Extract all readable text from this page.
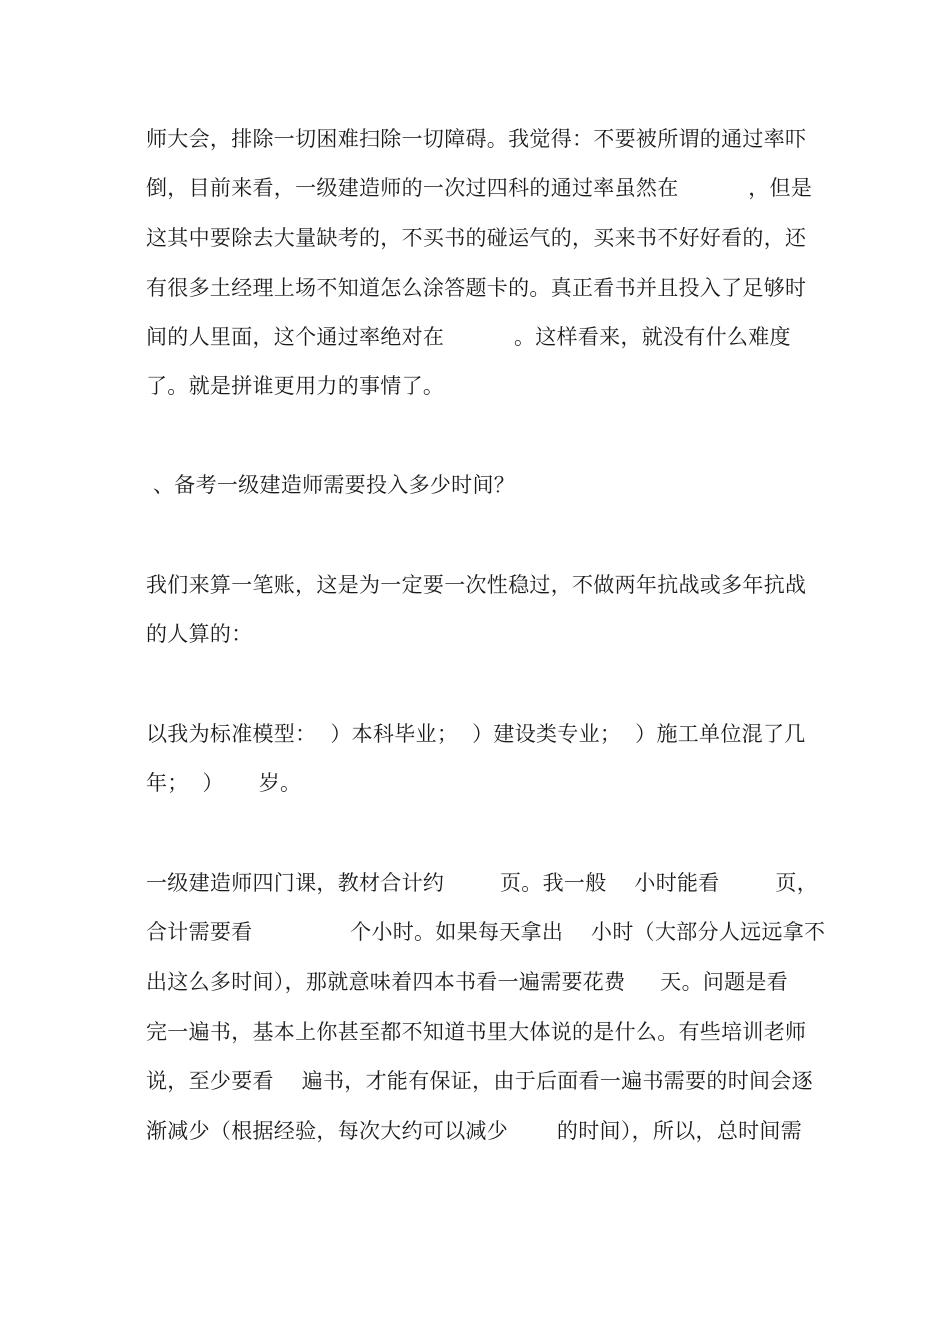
师大会，排除一切困难扫除一切障碍。我觉得：不要被所谓的通过率吓
倒，目前来看，一级建造师的一次过四科的通过率虽然在          ，但是
这其中要除去大量缺考的，不买书的碰运气的，买来书不好好看的，还
有很多土经理上场不知道怎么涂答题卡的。真正看书并且投入了足够时
间的人里面，这个通过率绝对在          。这样看来，就没有什么难度
了。就是拼谁更用力的事情了。
、备考一级建造师需要投入多少时间？
我们来算一笔账，这是为一定要一次性稳过，不做两年抗战或多年抗战
的人算的：
以我为标准模型：  ）本科毕业；  ）建设类专业；  ）施工单位混了几
年；  ）     岁。
一级建造师四门课，教材合计约        页。我一般    小时能看        页，
合计需要看              个小时。如果每天拿出    小时（大部分人远远拿不
出这么多时间），那就意味着四本书看一遍需要花费     天。问题是看
完一遍书，基本上你甚至都不知道书里大体说的是什么。有些培训老师
说，至少要看    遍书，才能有保证，由于后面看一遍书需要的时间会逐
渐减少（根据经验，每次大约可以减少       的时间），所以，总时间需
